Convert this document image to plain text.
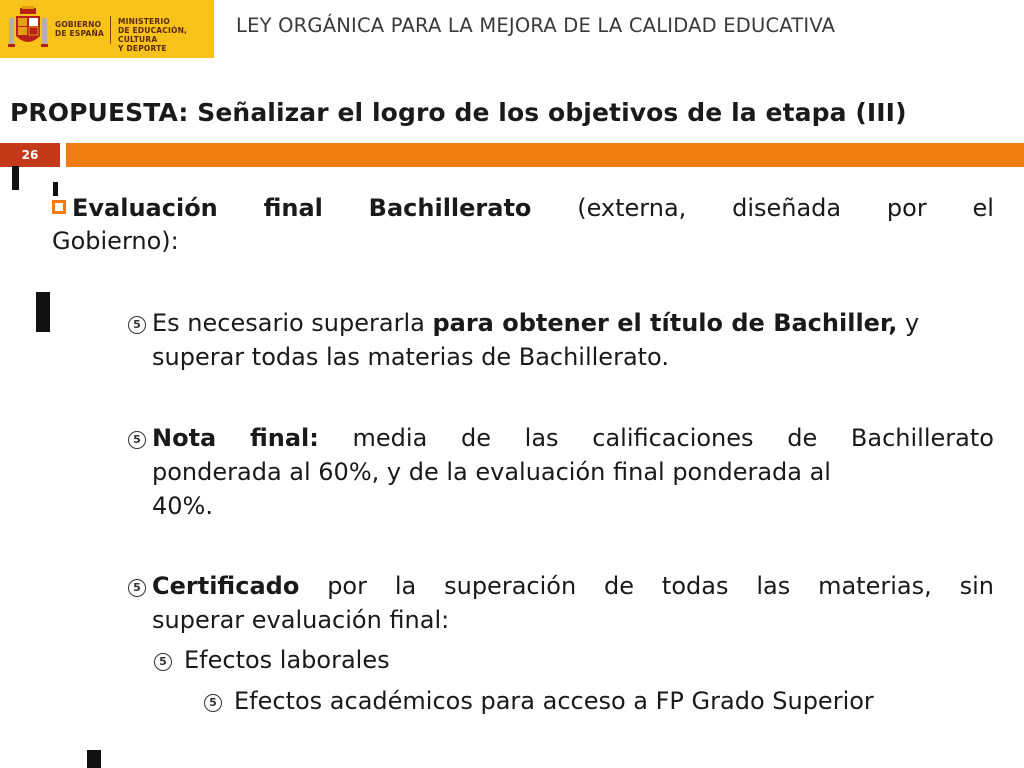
GOBIERNO
DE ESPAÑA
MINISTERIO
DE EDUCACIÓN, CULTURA
Y DEPORTE
LEY ORGÁNICA PARA LA MEJORA DE LA CALIDAD EDUCATIVA
PROPUESTA: Señalizar el logro de los objetivos de la etapa (III)
26
Evaluación final Bachillerato (externa, diseñada por el
Gobierno):
5 Es necesario superarla para obtener el título de Bachiller, y
superar todas las materias de Bachillerato.
5 Nota final: media de las calificaciones de Bachillerato
ponderada al 60%, y de la evaluación final ponderada al
40%.
5 Certificado por la superación de todas las materias, sin
superar evaluación final:
5 Efectos laborales
5 Efectos académicos para acceso a FP Grado Superior
